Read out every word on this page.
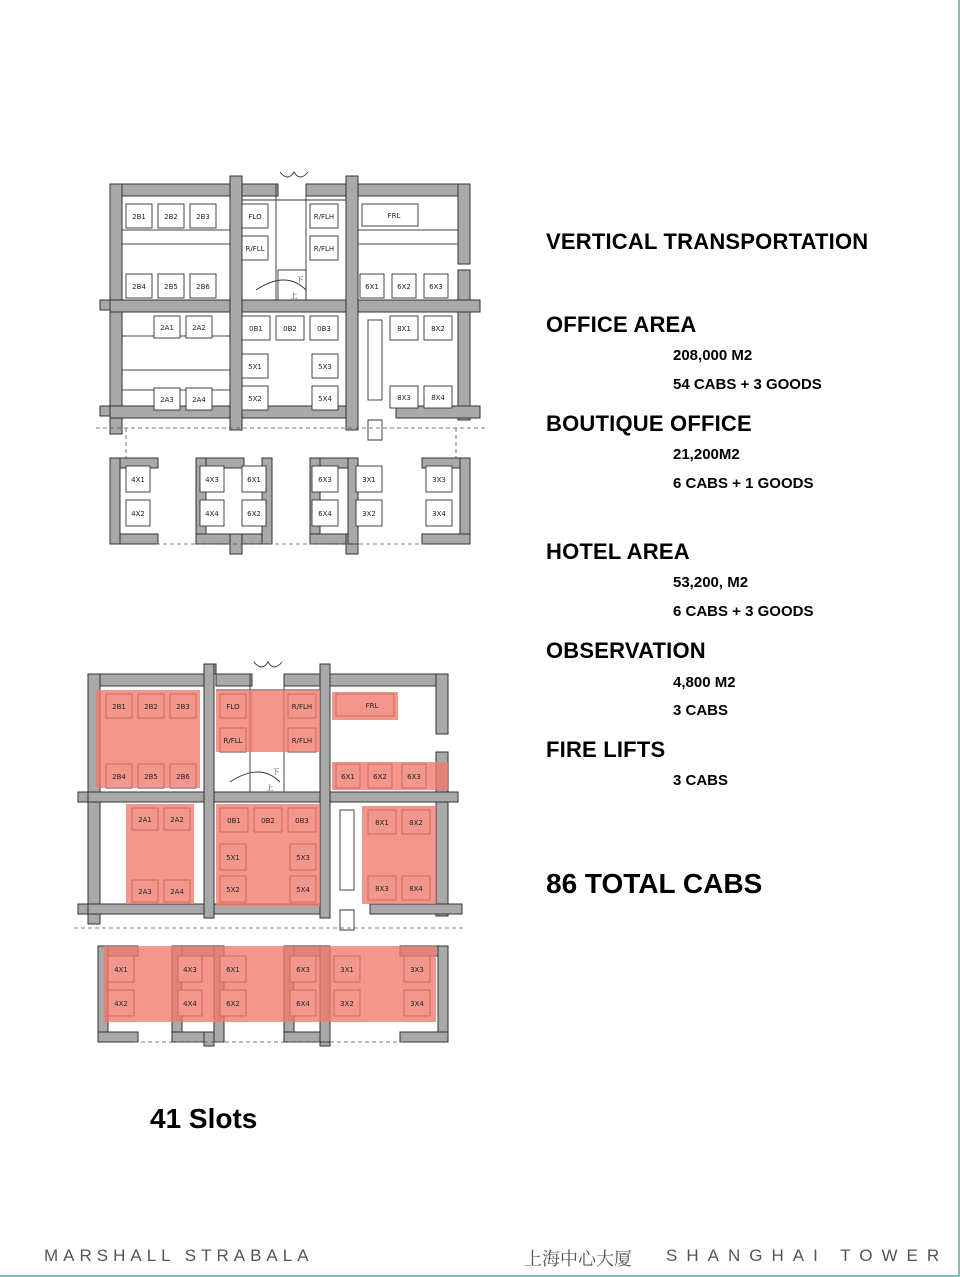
2B1	2B2	2B3	FLO	R/FLH	FRL
R/FLL	R/FLH
2B4	2B5	2B6	6X1	6X2	6X3
2A1	2A2	0B1	0B2	0B3	8X1	8X2
5X1	5X3
2A3	2A4	5X2	5X4	8X3	8X4
4X1	4X3	6X1	6X3	3X1	3X3
4X2	4X4	6X2	6X4	3X2	3X4
下
上
2B1	2B2	2B3	FLO	R/FLH	FRL
R/FLL	R/FLH
2B4	2B5	2B6	6X1	6X2	6X3
2A1	2A2	0B1	0B2	0B3	8X1	8X2
5X1	5X3
2A3	2A4	5X2	5X4	8X3	8X4
4X1	4X3	6X1	6X3	3X1	3X3
4X2	4X4	6X2	6X4	3X2	3X4
下
上
VERTICAL TRANSPORTATION
OFFICE AREA
208,000 M2
54 CABS + 3 GOODS
BOUTIQUE OFFICE
21,200M2
6 CABS + 1 GOODS
HOTEL AREA
53,200, M2
6 CABS + 3 GOODS
OBSERVATION
4,800 M2
3 CABS
FIRE LIFTS
3 CABS
86 TOTAL CABS
41 Slots
MARSHALL STRABALA	上海中心大厦 SHANGHAI TOWER
